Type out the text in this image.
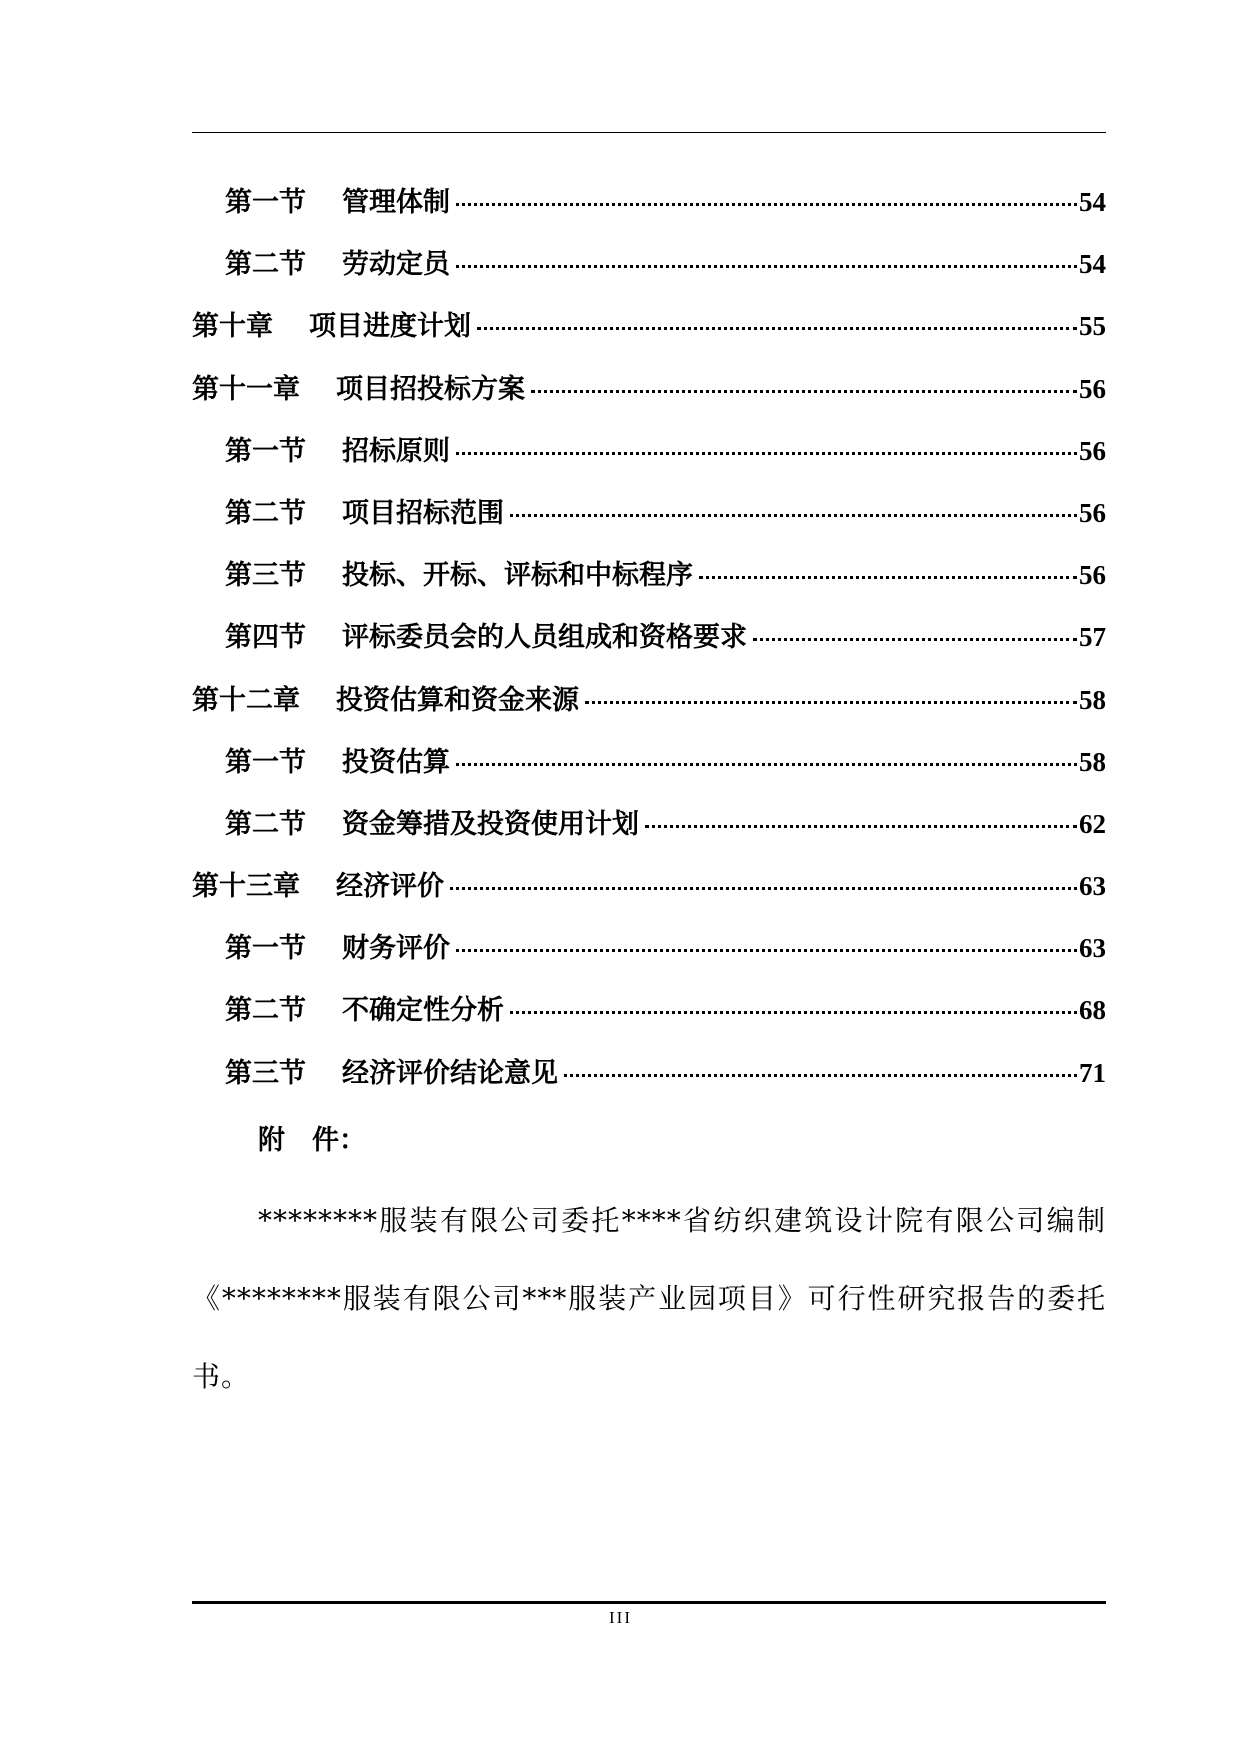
第一节 管理体制	54
第二节 劳动定员	54
第十章 项目进度计划	55
第十一章 项目招投标方案	56
第一节 招标原则	56
第二节 项目招标范围	56
第三节 投标、开标、评标和中标程序	56
第四节 评标委员会的人员组成和资格要求	57
第十二章 投资估算和资金来源	58
第一节 投资估算	58
第二节 资金筹措及投资使用计划	62
第十三章 经济评价	63
第一节 财务评价	63
第二节 不确定性分析	68
第三节 经济评价结论意见	71
附　件：

********服装有限公司委托****省纺织建筑设计院有限公司编制《********服装有限公司***服装产业园项目》可行性研究报告的委托书。

III
